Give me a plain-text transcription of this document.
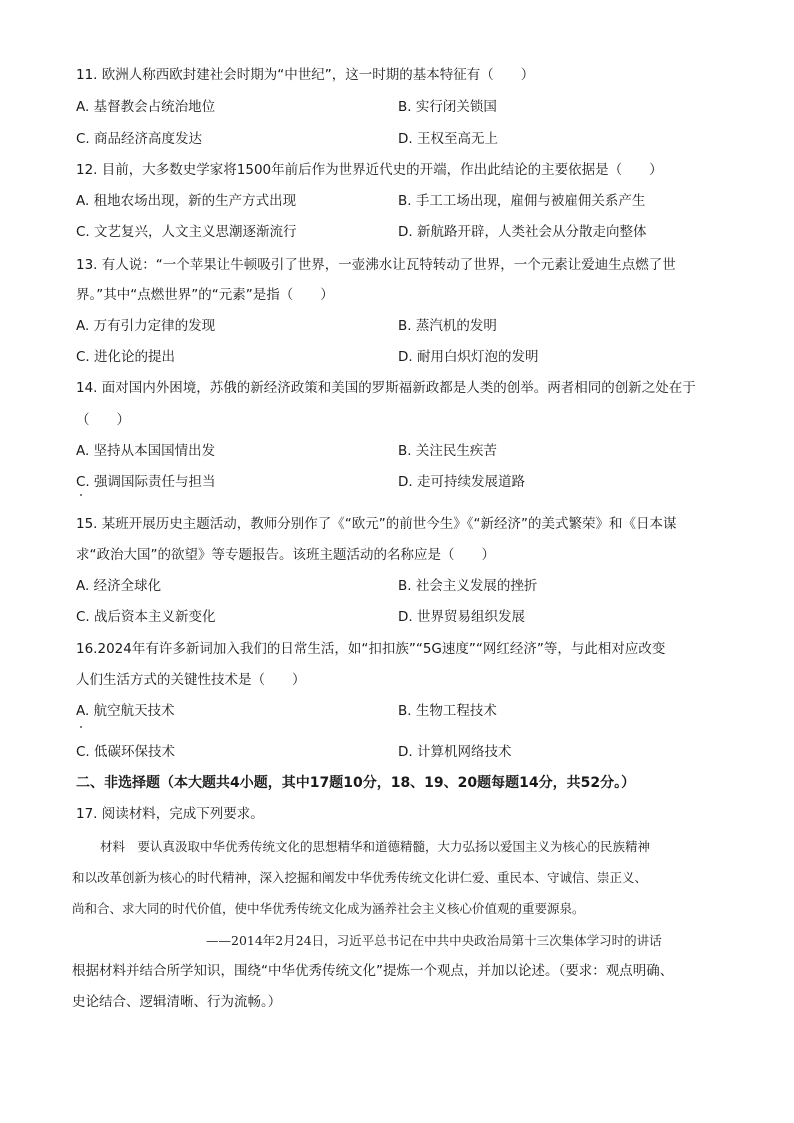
11. 欧洲人称西欧封建社会时期为“中世纪”，这一时期的基本特征有（　　）
A. 基督教会占统治地位	B. 实行闭关锁国
C. 商品经济高度发达	D. 王权至高无上
12. 目前，大多数史学家将1500年前后作为世界近代史的开端，作出此结论的主要依据是（　　）
A. 租地农场出现，新的生产方式出现	B. 手工工场出现，雇佣与被雇佣关系产生
C. 文艺复兴，人文主义思潮逐渐流行	D. 新航路开辟，人类社会从分散走向整体
13. 有人说：“一个苹果让牛顿吸引了世界，一壶沸水让瓦特转动了世界，一个元素让爱迪生点燃了世
界。”其中“点燃世界”的“元素”是指（　　）
A. 万有引力定律的发现	B. 蒸汽机的发明
C. 进化论的提出	D. 耐用白炽灯泡的发明
14. 面对国内外困境，苏俄的新经济政策和美国的罗斯福新政都是人类的创举。两者相同的创新之处在于
（　　）
A. 坚持从本国国情出发	B. 关注民生疾苦
C. 强调国际责任与担当	D. 走可持续发展道路
15. 某班开展历史主题活动，教师分别作了《“欧元”的前世今生》《“新经济”的美式繁荣》和《日本谋
求“政治大国”的欲望》等专题报告。该班主题活动的名称应是（　　）
A. 经济全球化	B. 社会主义发展的挫折
C. 战后资本主义新变化	D. 世界贸易组织发展
16.2024年有许多新词加入我们的日常生活，如“扣扣族”“5G速度”“网红经济”等，与此相对应改变
人们生活方式的关键性技术是（　　）
A. 航空航天技术	B. 生物工程技术
C. 低碳环保技术	D. 计算机网络技术
二、非选择题（本大题共4小题，其中17题10分，18、19、20题每题14分，共52分。）
17. 阅读材料，完成下列要求。
材料　要认真汲取中华优秀传统文化的思想精华和道德精髓，大力弘扬以爱国主义为核心的民族精神
和以改革创新为核心的时代精神，深入挖掘和阐发中华优秀传统文化讲仁爱、重民本、守诚信、崇正义、
尚和合、求大同的时代价值，使中华优秀传统文化成为涵养社会主义核心价值观的重要源泉。
——2014年2月24日，习近平总书记在中共中央政治局第十三次集体学习时的讲话
根据材料并结合所学知识，围绕“中华优秀传统文化”提炼一个观点，并加以论述。（要求：观点明确、
史论结合、逻辑清晰、行为流畅。）
